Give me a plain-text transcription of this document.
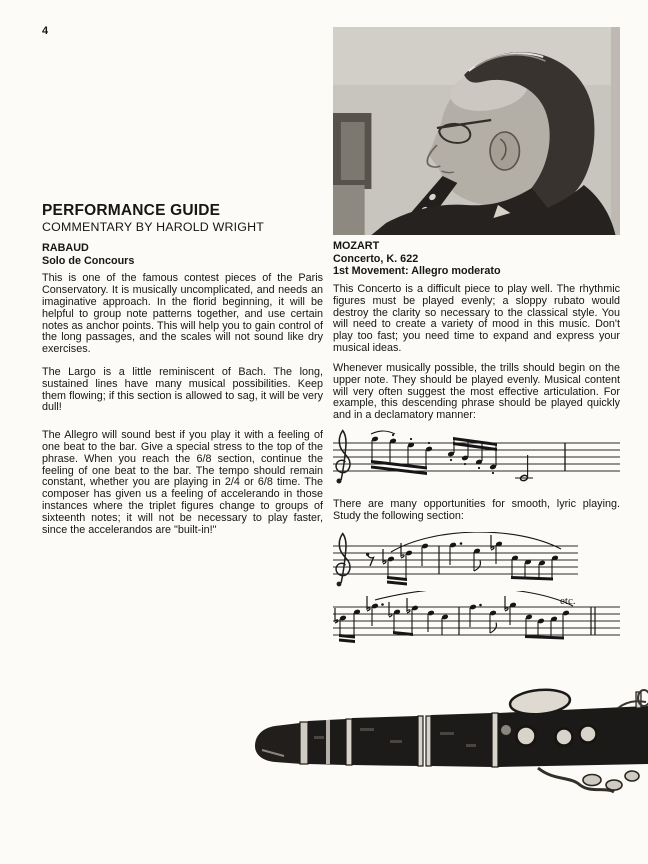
4
PERFORMANCE GUIDE
COMMENTARY BY HAROLD WRIGHT
RABAUD
Solo de Concours

This is one of the famous contest pieces of the Paris Conservatory. It is musically uncomplicated, and needs an imaginative approach. In the florid beginning, it will be helpful to group note patterns together, and use certain notes as anchor points. This will help you to gain control of the long passages, and the scales will not sound like dry exercises.

The Largo is a little reminiscent of Bach. The long, sustained lines have many musical possibilities. Keep them flowing; if this section is allowed to sag, it will be very dull!

The Allegro will sound best if you play it with a feeling of one beat to the bar. Give a special stress to the top of the phrase. When you reach the 6/8 section, continue the feeling of one beat to the bar. The tempo should remain constant, whether you are playing in 2/4 or 6/8 time. The composer has given us a feeling of accelerando in those instances where the triplet figures change to groups of sixteenth notes; it will not be necessary to play faster, since the accelerandos are "built-in!"

MOZART
Concerto, K. 622
1st Movement: Allegro moderato

This Concerto is a difficult piece to play well. The rhythmic figures must be played evenly; a sloppy rubato would destroy the clarity so necessary to the classical style. You will need to create a variety of mood in this music. Don't play too fast; you need time to expand and express your musical ideas.

Whenever musically possible, the trills should begin on the upper note. They should be played evenly. Musical content will very often suggest the most effective articulation. For example, this descending phrase should be played quickly and in a declamatory manner:

There are many opportunities for smooth, lyric playing. Study the following section:

etc.
